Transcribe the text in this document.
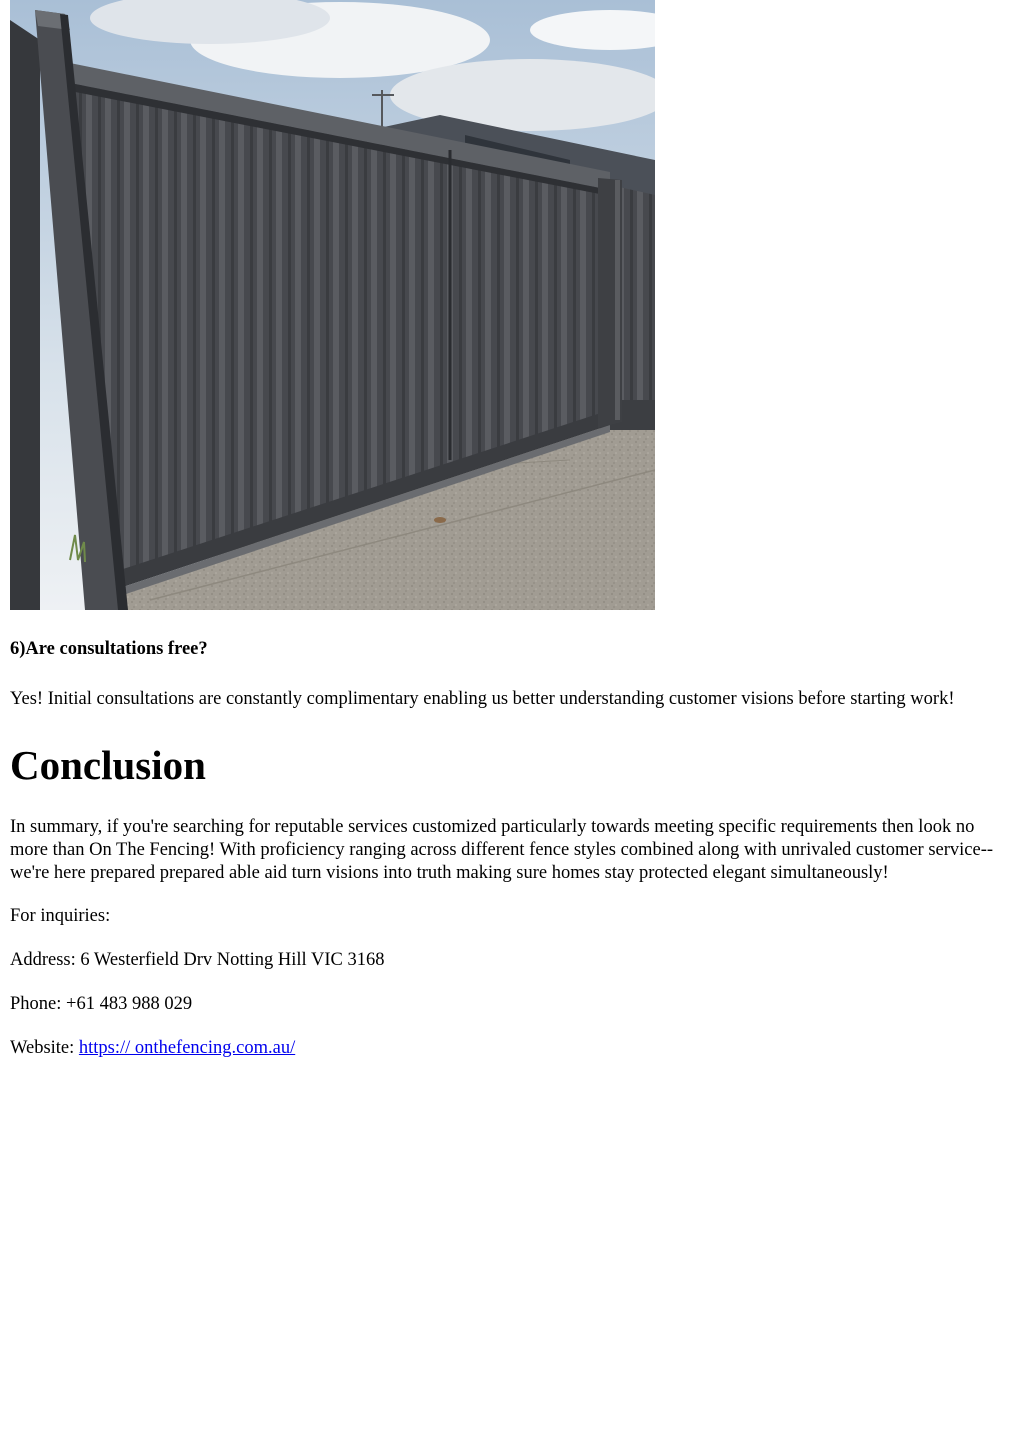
6)Are consultations free?

Yes! Initial consultations are constantly complimentary enabling us better understanding customer visions before starting work!

Conclusion

In summary, if you're searching for reputable services customized particularly towards meeting specific requirements then look no more than On The Fencing! With proficiency ranging across different fence styles combined along with unrivaled customer service-- we're here prepared prepared able aid turn visions into truth making sure homes stay protected elegant simultaneously!

For inquiries:

Address: 6 Westerfield Drv Notting Hill VIC 3168

Phone: +61 483 988 029

Website: https:// onthefencing.com.au/
